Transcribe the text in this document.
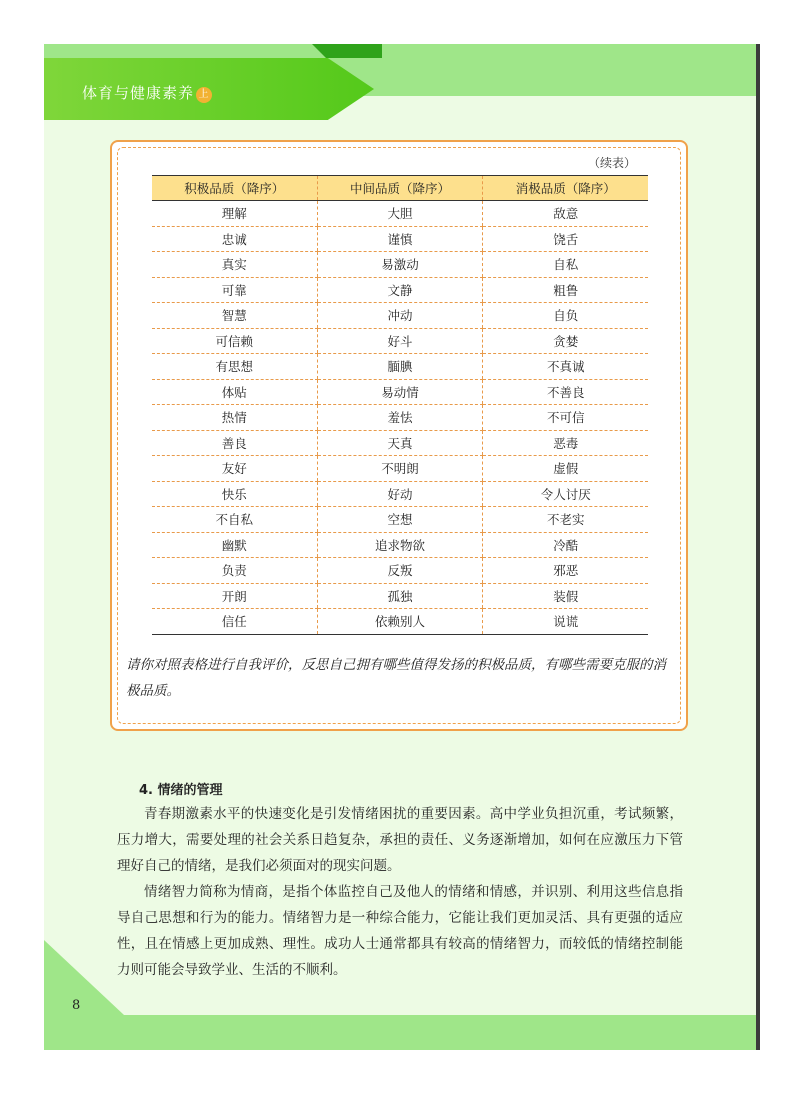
体育与健康素养 上
（续表）
积极品质（降序）	中间品质（降序）	消极品质（降序）
理解	大胆	敌意
忠诚	谨慎	饶舌
真实	易激动	自私
可靠	文静	粗鲁
智慧	冲动	自负
可信赖	好斗	贪婪
有思想	腼腆	不真诚
体贴	易动情	不善良
热情	羞怯	不可信
善良	天真	恶毒
友好	不明朗	虚假
快乐	好动	令人讨厌
不自私	空想	不老实
幽默	追求物欲	冷酷
负责	反叛	邪恶
开朗	孤独	装假
信任	依赖别人	说谎
请你对照表格进行自我评价，反思自己拥有哪些值得发扬的积极品质，有哪些需要克服的消极品质。
4. 情绪的管理

青春期激素水平的快速变化是引发情绪困扰的重要因素。高中学业负担沉重，考试频繁，压力增大，需要处理的社会关系日趋复杂，承担的责任、义务逐渐增加，如何在应激压力下管理好自己的情绪，是我们必须面对的现实问题。

情绪智力简称为情商，是指个体监控自己及他人的情绪和情感，并识别、利用这些信息指导自己思想和行为的能力。情绪智力是一种综合能力，它能让我们更加灵活、具有更强的适应性，且在情感上更加成熟、理性。成功人士通常都具有较高的情绪智力，而较低的情绪控制能力则可能会导致学业、生活的不顺利。

8
